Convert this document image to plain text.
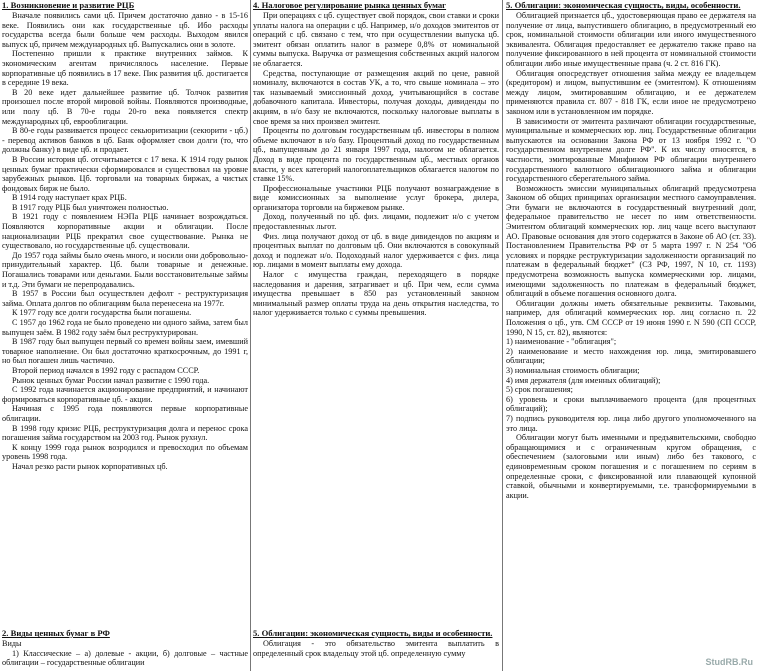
1. Возникновение и развитие РЦБ

Вначале появились сами цб. Причем достаточно давно - в 15-16 веке. Появились они как государственные цб. Ибо расходы государства всегда были больше чем расходы. Выходом явился выпуск цб, причем международных цб. Выпускались они в золоте.

Постепенно пришли к практике внутренних займов. К экономическим агентам причислялось население. Первые корпоративные цб появились в 17 веке. Пик развития цб. достигается в середине 19 века.

В 20 веке идет дальнейшее развитие цб. Толчок развития произошел после второй мировой войны. Появляются производные, или полу цб. В 70-е годы 20-го века появляется спектр международных цб, еврооблигации.

В 80-е годы развивается процесс секьюритизации (секюрити - цб.) - перевод активов банков в цб. Банк оформляет свои долги (то, что должны банку) в виде цб. и продает.

В России история цб. отсчитывается с 17 века. К 1914 году рынок ценных бумаг практически сформировался и существовал на уровне зарубежных рынков. Цб. торговали на товарных биржах, а чистых фондовых бирж не было.

В 1914 году наступает крах РЦБ.

В 1917 году РЦБ был уничтожен полностью.

В 1921 году с появлением НЭПа РЦБ начинает возрождаться. Появляются корпоративные акции и облигации. После национализации РЦБ прекратил свое существование. Рынка не существовало, но государственные цб. существовали.

До 1957 года займы было очень много, и носили они добровольно-принудительный характер. Цб. были товарные и денежные. Погашались товарами или деньгами. Были восстановительные займы и т.д. Эти бумаги не перепродавались.

В 1957 в России был осуществлен дефолт - реструктуризация займа. Оплата долгов по облигациям была перенесена на 1977г.

К 1977 году все долги государства были погашены.

С 1957 до 1962 года не было проведено ни одного займа, затем был выпущен заём. В 1982 году заём был реструктурирован.

В 1987 году был выпущен первый со времен войны заем, имевший товарное наполнение. Он был достаточно краткосрочным, до 1991 г, но был погашен лишь частично.

Второй период начался в 1992 году с распадом СССР.

Рынок ценных бумаг России начал развитие с 1990 года.

С 1992 года начинается акционирование предприятий, и начинают формироваться корпоративные цб. - акции.

Начиная с 1995 года появляются первые корпоративные облигации.

В 1998 году кризис РЦБ, реструктуризация долга и перенос срока погашения займа государством на 2003 год. Рынок рухнул.

К концу 1999 года рынок возродился и превосходил по объемам уровень 1998 года.

Начал резко расти рынок корпоративных цб.

2. Виды ценных бумаг в РФ

Виды

1) Классические – а) долевые - акции, б) долговые – частные облигации – государственные облигации

4. Налоговое регулирование рынка ценных бумаг

При операциях с цб. существует свой порядок, свои ставки и сроки уплаты налога на операции с цб. Например, н/о доходов эмитентов от операций с цб. связано с тем, что при осуществлении выпуска цб. эмитент обязан оплатить налог в размере 0,8% от номинальной суммы выпуска. Выручка от размещения собственных акций налогом не облагается.

Средства, поступающие от размещения акций по цене, равной номиналу, включаются в состав УК, а то, что свыше номинала – это так называемый эмиссионный доход, учитывающийся в составе добавочного капитала. Инвесторы, получая доходы, дивиденды по акциям, в н/о базу не включаются, поскольку налоговые выплаты в свое время за них произвел эмитент.

Проценты по долговым государственным цб. инвесторы в полном объеме включают в н/о базу. Процентный доход по государственным цб., выпущенным до 21 января 1997 года, налогом не облагается. Доход в виде процента по государственным цб., местных органов власти, у всех категорий налогоплательщиков облагается налогом по ставке 15%.

Профессиональные участники РЦБ получают вознаграждение в виде комиссионных за выполнение услуг брокера, дилера, организатора торговли на биржевом рынке.

Доход, полученный по цб. физ. лицами, подлежит н/о с учетом предоставленных льгот.

Физ. лица получают доход от цб. в виде дивидендов по акциям и процентных выплат по долговым цб. Они включаются в совокупный доход и подлежат н/о. Подоходный налог удерживается с физ. лица юр. лицами в момент выплаты ему дохода.

Налог с имущества граждан, переходящего в порядке наследования и дарения, затрагивает и цб. При чем, если сумма имущества превышает в 850 раз установленный законом минимальный размер оплаты труда на день открытия наследства, то налог удерживается только с суммы превышения.

5. Облигации: экономическая сущность, виды и особенности.

Облигация - это обязательство эмитента выплатить в определенный срок владельцу этой цб. определенную сумму

5. Облигации: экономическая сущность, виды, особенности.

Облигацией признается цб., удостоверяющая право ее держателя на получение от лица, выпустившего облигацию, в предусмотренный ею срок, номинальной стоимости облигации или иного имущественного эквивалента. Облигация предоставляет ее держателю также право на получение фиксированного в ней процента от номинальной стоимости облигации либо иные имущественные права (ч. 2 ст. 816 ГК).

Облигация опосредствует отношения займа между ее владельцем (кредитором) и лицом, выпустившим ее (эмитентом). К отношениям между лицом, эмитировавшим облигацию, и ее держателем применяются правила ст. 807 - 818 ГК, если иное не предусмотрено законом или в установленном им порядке.

В зависимости от эмитента различают облигации государственные, муниципальные и коммерческих юр. лиц. Государственные облигации выпускаются на основании Закона РФ от 13 ноября 1992 г. "О государственном внутреннем долге РФ". К их числу относятся, в частности, эмитированные Минфином РФ облигации внутреннего государственного валютного облигационного займа и облигации государственного сберегательного займа.

Возможность эмиссии муниципальных облигаций предусмотрена Законом об общих принципах организации местного самоуправления. Эти бумаги не включаются в государственный внутренний долг, федеральное правительство не несет по ним ответственности. Эмитентом облигаций коммерческих юр. лиц чаще всего выступают АО. Правовые основания для этого содержатся в Законе об АО (ст. 33). Постановлением Правительства РФ от 5 марта 1997 г. N 254 "Об условиях и порядке реструктуризации задолженности организаций по платежам в федеральный бюджет" (СЗ РФ, 1997, N 10, ст. 1193) предусмотрена возможность выпуска коммерческими юр. лицами, имеющими задолженность по платежам в федеральный бюджет, облигаций в объеме погашения основного долга.

Облигации должны иметь обязательные реквизиты. Таковыми, например, для облигаций коммерческих юр. лиц согласно п. 22 Положения о цб., утв. СМ СССР от 19 июня 1990 г. N 590 (СП СССР, 1990, N 15, ст. 82), являются:

1) наименование - "облигация";

2) наименование и место нахождения юр. лица, эмитировавшего облигации;

3) номинальная стоимость облигации;

4) имя держателя (для именных облигаций);

5) срок погашения;

6) уровень и сроки выплачиваемого процента (для процентных облигаций);

7) подпись руководителя юр. лица либо другого уполномоченного на это лица.

Облигации могут быть именными и предъявительскими, свободно обращающимися и с ограниченным кругом обращения, с обеспечением (залоговыми или иным) либо без такового, с единовременным сроком погашения и с погашением по сериям в определенные сроки, с фиксированной или плавающей купонной ставкой, обычными и конвертируемыми, т.е. трансформируемыми в акции.

StudRB.Ru
